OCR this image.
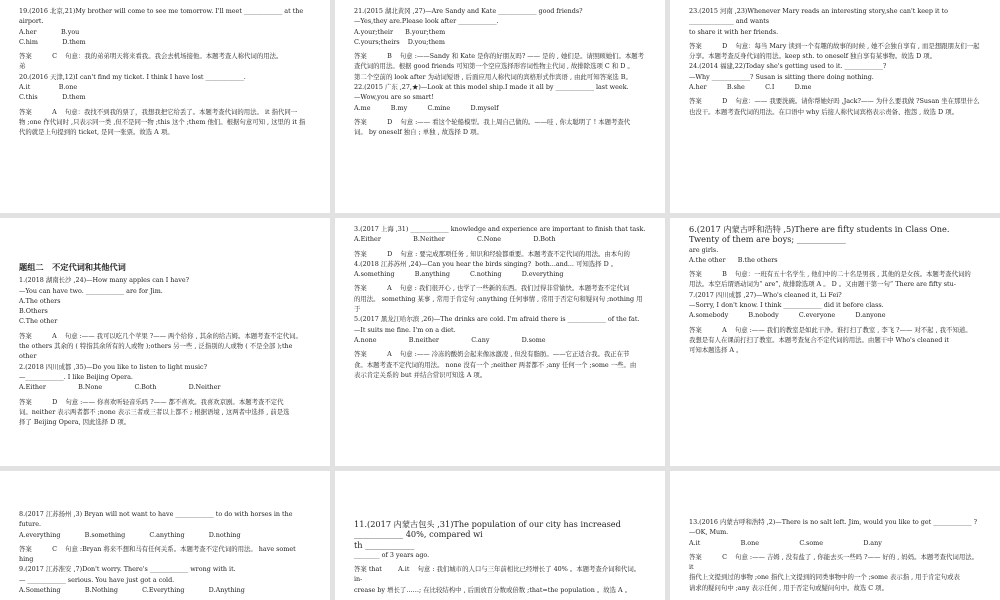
19.(2016 北京,21)My brother will come to see me tomorrow. I'll meet ____________ at the airport.

A.her            B.you

C.him            D.them

答案          C    句意：我的弟弟明天将来看我。我会去机场接他。本题考查人称代词的用法。

弟

20.(2016 天津,12)I can't find my ticket. I think I have lost ____________.

A.it              B.one

C.this            D.them

答案          A    句意：我找不到我的票了，我想我把它给丢了。本题考查代词的用法。 it 指代同一

物 ;one 作代词时 ,只表示同一类 ,但不是同一物 ;this 这个 ;them 他们。根据句意可知 , 这里的 it 指

代的就是上句提到的 ticket, 是同一张票。故选 A 项。

21.(2015 湖北黄冈 ,27)—Are Sandy and Kate ____________ good friends?

—Yes,they are.Please look after ____________.

A.your;their      B.your;them

C.yours;theirs    D.you;them

答案          B    句意 :——Sandy 和 Kate 是你的好朋友吗? —— 是的 , 她们是。请照顾她们。本题考

查代词的用法。根据 good friends 可知第一个空应选择形容词性物主代词 , 故排除选项 C 和 D 。

第二个空前的 look after 为动词短语 , 后面应用人称代词的宾格形式作宾语 , 由此可知答案选 B。

22.(2015 广东 ,27,★)—Look at this model ship.I made it all by ____________ last week.

—Wow,you are so smart!

A.me          B.my          C.mine          D.myself

答案          D    句意 :—— 看这个轮船模型。我上周自己做的。——哇 , 你太聪明了 ! 本题考查代

词。 by oneself 独自 ; 单独 , 故选择 D 项。

23.(2015 河南 ,23)Whenever Mary reads an interesting story,she can't keep it to ______________ and wants

to share it with her friends.

答案          D    句意：每当 Mary 读到一个有趣的故事的时候 , 她不会独自享有 , 而是想跟朋友们一起

分享。本题考查反身代词的用法。keep sth. to oneself 独自享有某事物。故选 D 项。

24.(2014 福建,22)Today she's getting used to it. ____________?

—Why ____________? Susan is sitting there doing nothing.

A.her          B.she          C.I          D.me

答案          D    句意：—— 我要洗碗。请你帮她好吗 ,Jack?—— 为什么要我做 ?Susan 坐在那里什么

也没干。本题考查代词的用法。在口语中 why 后接人称代词宾格表示责备、抱怨 , 故选 D 项。

题组二   不定代词和其他代词

1.(2018 湖南长沙 ,24)—How many apples can I have?

—You can have two. ____________ are for Jim.

A.The others

B.Others

C.The other

答案          A    句意 :—— 我可以吃几个苹果 ?—— 两个给你 , 其余的给吉姆。本题考查不定代词。

the others 其余的 ( 特指其余所有的人或物 );others 另一些 , 泛指别的人或物 ( 不是全部 );the other

2.(2018 四川成都 ,35)—Do you like to listen to light music?

—____________. I like Beijing Opera.

A.Either        B.None        C.Both        D.Neither

答案          D    句意 :—— 你喜欢听轻音乐吗 ?—— 都不喜欢。我喜欢京剧。本题考查不定代

词。neither 表示两者都不 ;none 表示三者或三者以上都不 ; 根据语境 , 这两者中选择 , 前是选

择了 Beijing Opera, 因此选择 D 项。

3.(2017 上海 ,31) ____________ knowledge and experience are important to finish that task.

A.Either        B.Neither        C.None        D.Both

答案          D    句意 : 要完成那项任务 , 知识和经验都重要。本题考查不定代词的用法。由本句的

4.(2018 江苏苏州 ,24)—Can you hear the birds singing?  both...and... 可知选择 D 。

A.something     B.anything     C.nothing     D.everything

答案          A    句意 : 我们很开心 , 也学了一些新的东西。我们过得非常愉快。本题考查不定代词

的用法。 something 某事 , 常用于肯定句 ;anything 任何事情 , 常用于否定句和疑问句 ;nothing 用于

5.(2017 黑龙江哈尔滨 ,26)—The drinks are cold. I'm afraid there is ____________ of the fat.

—It suits me fine. I'm on a diet.

A.none        B.neither        C.any        D.some

答案          A    句意 :—— 冷冻的酸奶会起来像冰激凌 , 但没有脂肪。——它正适合我。我正在节

食。本题考查不定代词的用法。 none 没有一个 ;neither 两者都不 ;any 任何一个 ;some 一些。由

表示肯定关系的 but 并结合常识可知选 A 项。

6.(2017 内蒙古呼和浩特 ,5)There are fifty students in Class One. Twenty of them are boys; ____________

are girls.

A.the other      B.the others

答案          B    句意：一班有五十名学生 , 他们中的二十名是男孩 , 其他的是女孩。本题考查代词的

用法。本空后谓语动词为“ are”, 故排除选项 A 。 D 。又由题干第一句“ There are fifty stu-

7.(2017 四川成都 ,27)—Who's cleaned it, Li Fei?

—Sorry, I don't know. I think ____________ did it before class.

A.somebody     B.nobody     C.everyone     D.anyone

答案          A    句意 :—— 我们的教室是如此干净。谁打扫了教室 , 李飞 ?—— 对不起 , 我不知道。

我想是有人在课前打扫了教室。本题考查复合不定代词的用法。由题干中 Who's cleaned it

可知本题选择 A 。

8.(2017 江苏扬州 ,3) Bryan will not want to have ____________ to do with horses in the future.

A.everything      B.something      C.anything      D.nothing

答案          C    句意 :Bryan 将来不想和马有任何关系。本题考查不定代词的用法。 have somet

hing

9.(2017 江苏淮安 ,7)Don't worry. There's ____________ wrong with it.

— ____________ serious. You have just got a cold.

A.Something      B.Nothing      C.Everything      D.Anything

11.(2017 内蒙古包头 ,31)The population of our city has increased ____________ 40%, compared wi

th ____________

________ of 3 years ago.

答案 that        A.it    句意 : 我们城市的人口与三年前相比已经增长了 40% 。本题考查介词和代词。in-

crease by 增长了……; 在比较结构中 , 后面放百分数或倍数 ;that=the population 。故选 A 。

13.(2016 内蒙古呼和浩特 ,2)—There is no salt left. Jim, would you like to get ____________ ?

—OK, Mum.

A.it          B.one          C.some          D.any

答案          C    句意 :—— 吉姆 , 没有盐了 , 你能去买一些吗 ?—— 好的 , 妈妈。本题考查代词用法。it

指代上文提到过的事物 ;one 指代上文提到的同类事物中的一个 ;some 表示指 , 用于肯定句或表

请求的疑问句中 ;any 表示任何 , 用于否定句或疑问句中。故选 C 项。
